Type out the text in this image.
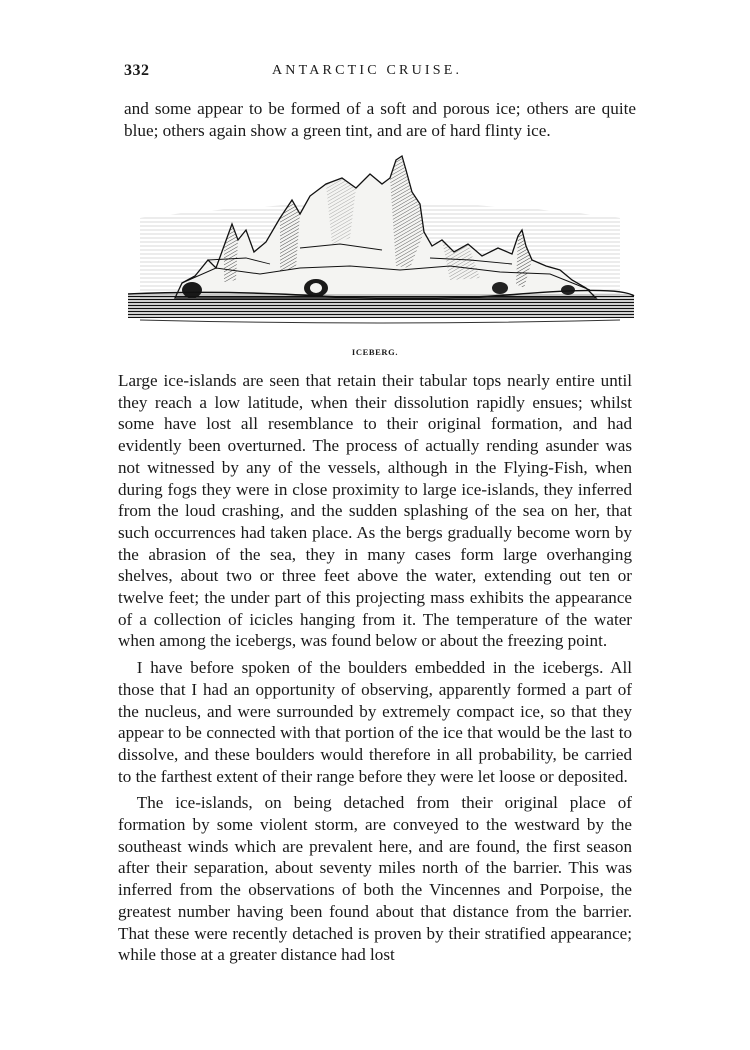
332	ANTARCTIC CRUISE.

and some appear to be formed of a soft and porous ice; others are quite blue; others again show a green tint, and are of hard flinty ice.

ICEBERG.

Large ice-islands are seen that retain their tabular tops nearly entire until they reach a low latitude, when their dissolution rapidly ensues; whilst some have lost all resemblance to their original formation, and had evidently been overturned. The process of actually rending asunder was not witnessed by any of the vessels, although in the Flying-Fish, when during fogs they were in close proximity to large ice-islands, they inferred from the loud crashing, and the sudden splashing of the sea on her, that such occurrences had taken place. As the bergs gradually become worn by the abrasion of the sea, they in many cases form large overhanging shelves, about two or three feet above the water, extending out ten or twelve feet; the under part of this projecting mass exhibits the appearance of a collection of icicles hanging from it. The temperature of the water when among the icebergs, was found below or about the freezing point.

I have before spoken of the boulders embedded in the icebergs. All those that I had an opportunity of observing, apparently formed a part of the nucleus, and were surrounded by extremely compact ice, so that they appear to be connected with that portion of the ice that would be the last to dissolve, and these boulders would therefore in all probability, be carried to the farthest extent of their range before they were let loose or deposited.

The ice-islands, on being detached from their original place of formation by some violent storm, are conveyed to the westward by the southeast winds which are prevalent here, and are found, the first season after their separation, about seventy miles north of the barrier. This was inferred from the observations of both the Vincennes and Porpoise, the greatest number having been found about that distance from the barrier. That these were recently detached is proven by their stratified appearance; while those at a greater distance had lost
